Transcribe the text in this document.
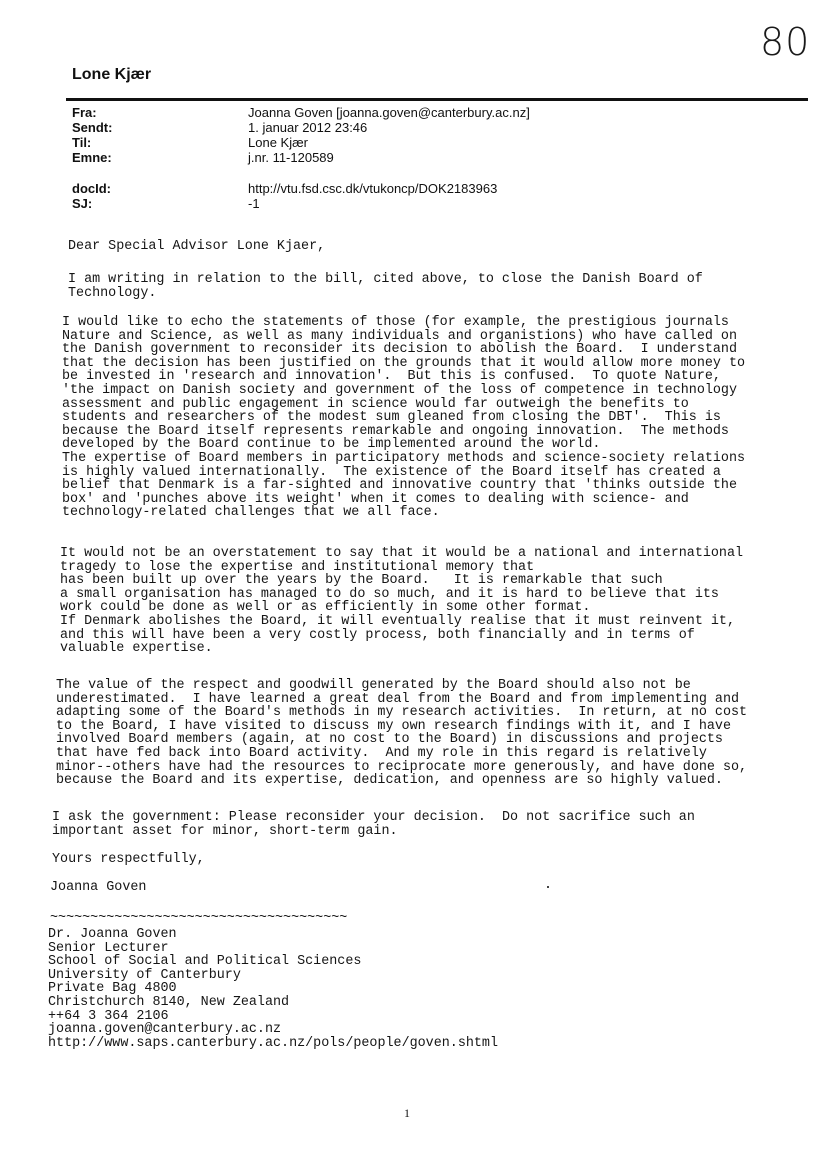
80
Lone Kjær
Fra:	Joanna Goven [joanna.goven@canterbury.ac.nz]
Sendt:	1. januar 2012 23:46
Til:	Lone Kjær
Emne:	j.nr. 11-120589
docId:	http://vtu.fsd.csc.dk/vtukoncp/DOK2183963
SJ:	-1
Dear Special Advisor Lone Kjaer,
I am writing in relation to the bill, cited above, to close the Danish Board of
Technology.
I would like to echo the statements of those (for example, the prestigious journals
Nature and Science, as well as many individuals and organistions) who have called on
the Danish government to reconsider its decision to abolish the Board.  I understand
that the decision has been justified on the grounds that it would allow more money to
be invested in 'research and innovation'.  But this is confused.  To quote Nature,
'the impact on Danish society and government of the loss of competence in technology
assessment and public engagement in science would far outweigh the benefits to
students and researchers of the modest sum gleaned from closing the DBT'.  This is
because the Board itself represents remarkable and ongoing innovation.  The methods
developed by the Board continue to be implemented around the world.
The expertise of Board members in participatory methods and science-society relations
is highly valued internationally.  The existence of the Board itself has created a
belief that Denmark is a far-sighted and innovative country that 'thinks outside the
box' and 'punches above its weight' when it comes to dealing with science- and
technology-related challenges that we all face.
It would not be an overstatement to say that it would be a national and international
tragedy to lose the expertise and institutional memory that
has been built up over the years by the Board.   It is remarkable that such
a small organisation has managed to do so much, and it is hard to believe that its
work could be done as well or as efficiently in some other format.
If Denmark abolishes the Board, it will eventually realise that it must reinvent it,
and this will have been a very costly process, both financially and in terms of
valuable expertise.
The value of the respect and goodwill generated by the Board should also not be
underestimated.  I have learned a great deal from the Board and from implementing and
adapting some of the Board's methods in my research activities.  In return, at no cost
to the Board, I have visited to discuss my own research findings with it, and I have
involved Board members (again, at no cost to the Board) in discussions and projects
that have fed back into Board activity.  And my role in this regard is relatively
minor--others have had the resources to reciprocate more generously, and have done so,
because the Board and its expertise, dedication, and openness are so highly valued.
I ask the government: Please reconsider your decision.  Do not sacrifice such an
important asset for minor, short-term gain.
Yours respectfully,
Joanna Goven
~~~~~~~~~~~~~~~~~~~~~~~~~~~~~~~~~~~~~
Dr. Joanna Goven
Senior Lecturer
School of Social and Political Sciences
University of Canterbury
Private Bag 4800
Christchurch 8140, New Zealand
++64 3 364 2106
joanna.goven@canterbury.ac.nz
http://www.saps.canterbury.ac.nz/pols/people/goven.shtml
1
